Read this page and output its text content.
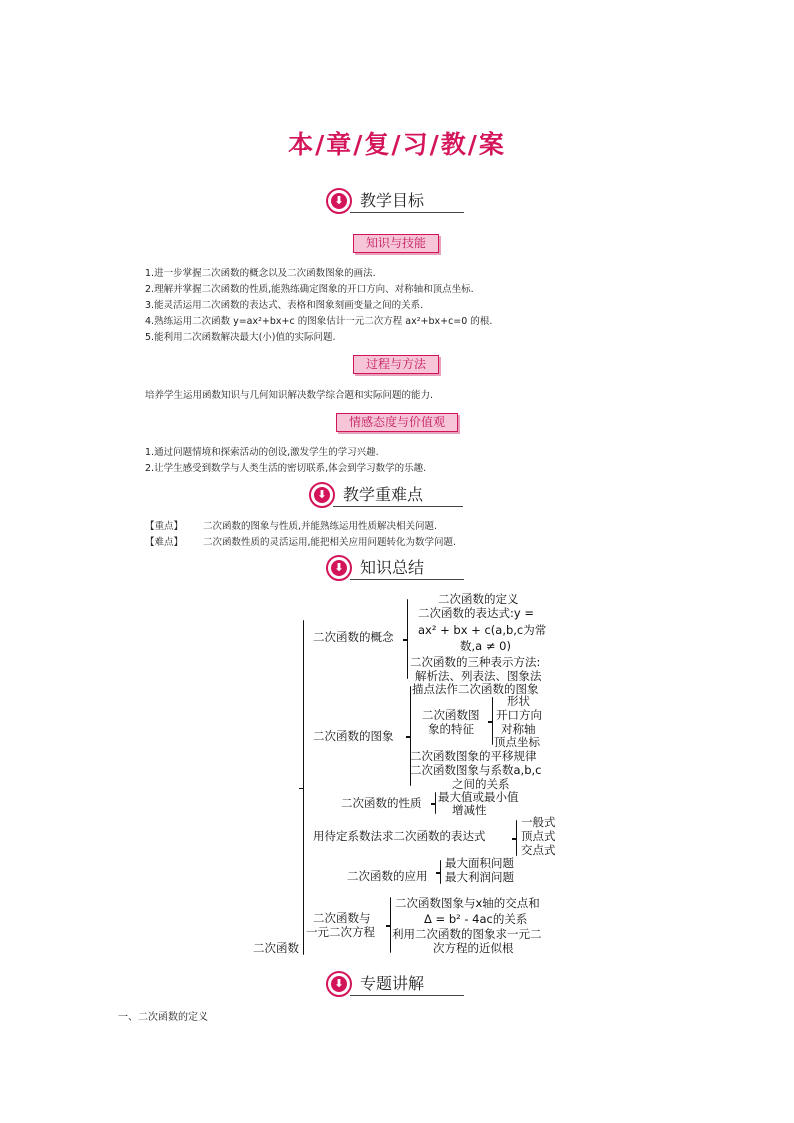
本/章/复/习/教/案
⬇ 教学目标
知识与技能
1.进一步掌握二次函数的概念以及二次函数图象的画法.
2.理解并掌握二次函数的性质,能熟练确定图象的开口方向、对称轴和顶点坐标.
3.能灵活运用二次函数的表达式、表格和图象刻画变量之间的关系.
4.熟练运用二次函数 y=ax²+bx+c 的图象估计一元二次方程 ax²+bx+c=0 的根.
5.能利用二次函数解决最大(小)值的实际问题.
过程与方法
培养学生运用函数知识与几何知识解决数学综合题和实际问题的能力.
情感态度与价值观
1.通过问题情境和探索活动的创设,激发学生的学习兴趣.
2.让学生感受到数学与人类生活的密切联系,体会到学习数学的乐趣.
⬇ 教学重难点
【重点】 二次函数的图象与性质,并能熟练运用性质解决相关问题.
【难点】 二次函数性质的灵活运用,能把相关应用问题转化为数学问题.
⬇ 知识总结
二次函数
二次函数的概念
二次函数的定义
二次函数的表达式:y =
ax² + bx + c(a,b,c为常
数,a ≠ 0)
二次函数的三种表示方法:
解析法、列表法、图象法
二次函数的图象
描点法作二次函数的图象
二次函数图
象的特征
形状
开口方向
对称轴
顶点坐标
二次函数图象的平移规律
二次函数图象与系数a,b,c
之间的关系
二次函数的性质 最大值或最小值
增减性
用待定系数法求二次函数的表达式
一般式
顶点式
交点式
二次函数的应用
最大面积问题
最大利润问题
二次函数与
一元二次方程
二次函数图象与x轴的交点和
Δ = b² - 4ac的关系
利用二次函数的图象求一元二
次方程的近似根
⬇ 专题讲解
一、二次函数的定义
